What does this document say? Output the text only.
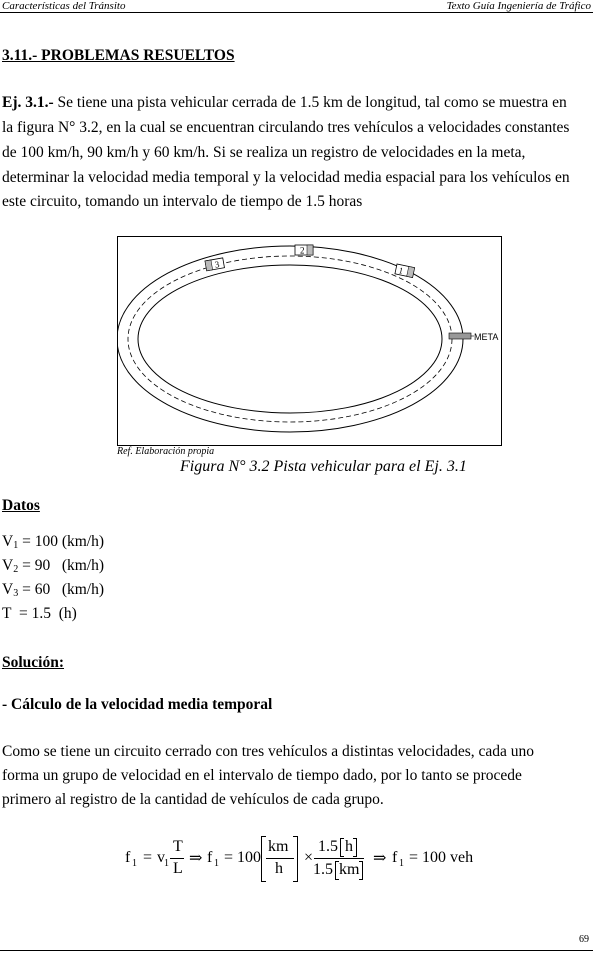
Características del Tránsito	Texto Guía Ingeniería de Tráfico
3.11.- PROBLEMAS RESUELTOS
Ej. 3.1.- Se tiene una pista vehicular cerrada de 1.5 km de longitud, tal como se muestra en
la figura N° 3.2, en la cual se encuentran circulando tres vehículos a velocidades constantes
de 100 km/h, 90 km/h y 60 km/h. Si se realiza un registro de velocidades en la meta,
determinar la velocidad media temporal y la velocidad media espacial para los vehículos en
este circuito, tomando un intervalo de tiempo de 1.5 horas
2
3
1
META
Ref. Elaboración propia
Figura N° 3.2 Pista vehicular para el Ej. 3.1
Datos
$V_1 = 100$ (km/h)
$V_2 = 90$   (km/h)
$V_3 = 60$   (km/h)
T  = 1.5  (h)
Solución:
- Cálculo de la velocidad media temporal
Como se tiene un circuito cerrado con tres vehículos a distintas velocidades, cada uno
forma un grupo de velocidad en el intervalo de tiempo dado, por lo tanto se procede
primero al registro de la cantidad de vehículos de cada grupo.
f 1 = v 1
T
L
⇒ f 1 = 100
km
h
×
1.5 h
1.5 km
⇒ f 1 = 100 veh
69
